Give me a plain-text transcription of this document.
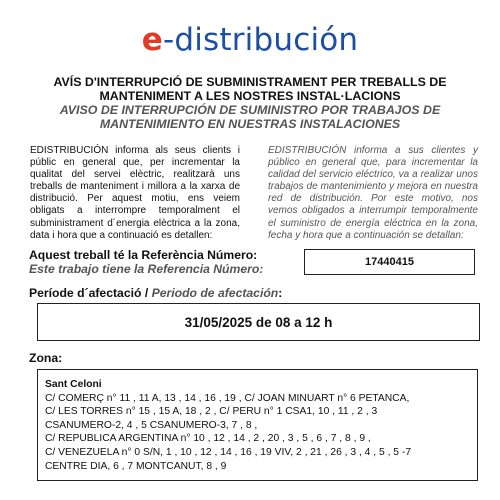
e-distribución
AVÍS D'INTERRUPCIÓ DE SUBMINISTRAMENT PER TREBALLS DE MANTENIMENT A LES NOSTRES INSTAL·LACIONS
AVISO DE INTERRUPCIÓN DE SUMINISTRO POR TRABAJOS DE MANTENIMIENTO EN NUESTRAS INSTALACIONES
EDISTRIBUCIÓN informa als seus clients i públic en general que, per incrementar la qualitat del servei elèctric, realitzarà uns treballs de manteniment i millora a la xarxa de distribució. Per aquest motiu, ens veiem obligats a interrompre temporalment el subministrament d´energia elèctrica a la zona, data i hora que a continuació es detallen:
EDISTRIBUCIÓN informa a sus clientes y público en general que, para incrementar la calidad del servicio eléctrico, va a realizar unos trabajos de mantenimiento y mejora en nuestra red de distribución. Por este motivo, nos vemos obligados a interrumpir temporalmente el suministro de energía eléctrica en la zona, fecha y hora que a continuación se detallan:
Aquest treball té la Referència Número:
Este trabajo tiene la Referencia Número:	17440415
Període d´afectació / Periodo de afectación:
31/05/2025 de 08 a 12 h
Zona:
Sant Celoni
C/ COMERÇ n° 11 , 11 A, 13 , 14 , 16 , 19 , C/ JOAN MINUART n° 6 PETANCA,
C/ LES TORRES n° 15 , 15 A, 18 , 2 , C/ PERU n° 1 CSA1, 10 , 11 , 2 , 3
CSANUMERO-2, 4 , 5 CSANUMERO-3, 7 , 8 ,
C/ REPUBLICA ARGENTINA n° 10 , 12 , 14 , 2 , 20 , 3 , 5 , 6 , 7 , 8 , 9 ,
C/ VENEZUELA n° 0 S/N, 1 , 10 , 12 , 14 , 16 , 19 VIV, 2 , 21 , 26 , 3 , 4 , 5 , 5 -7
CENTRE DIA, 6 , 7 MONTCANUT, 8 , 9
